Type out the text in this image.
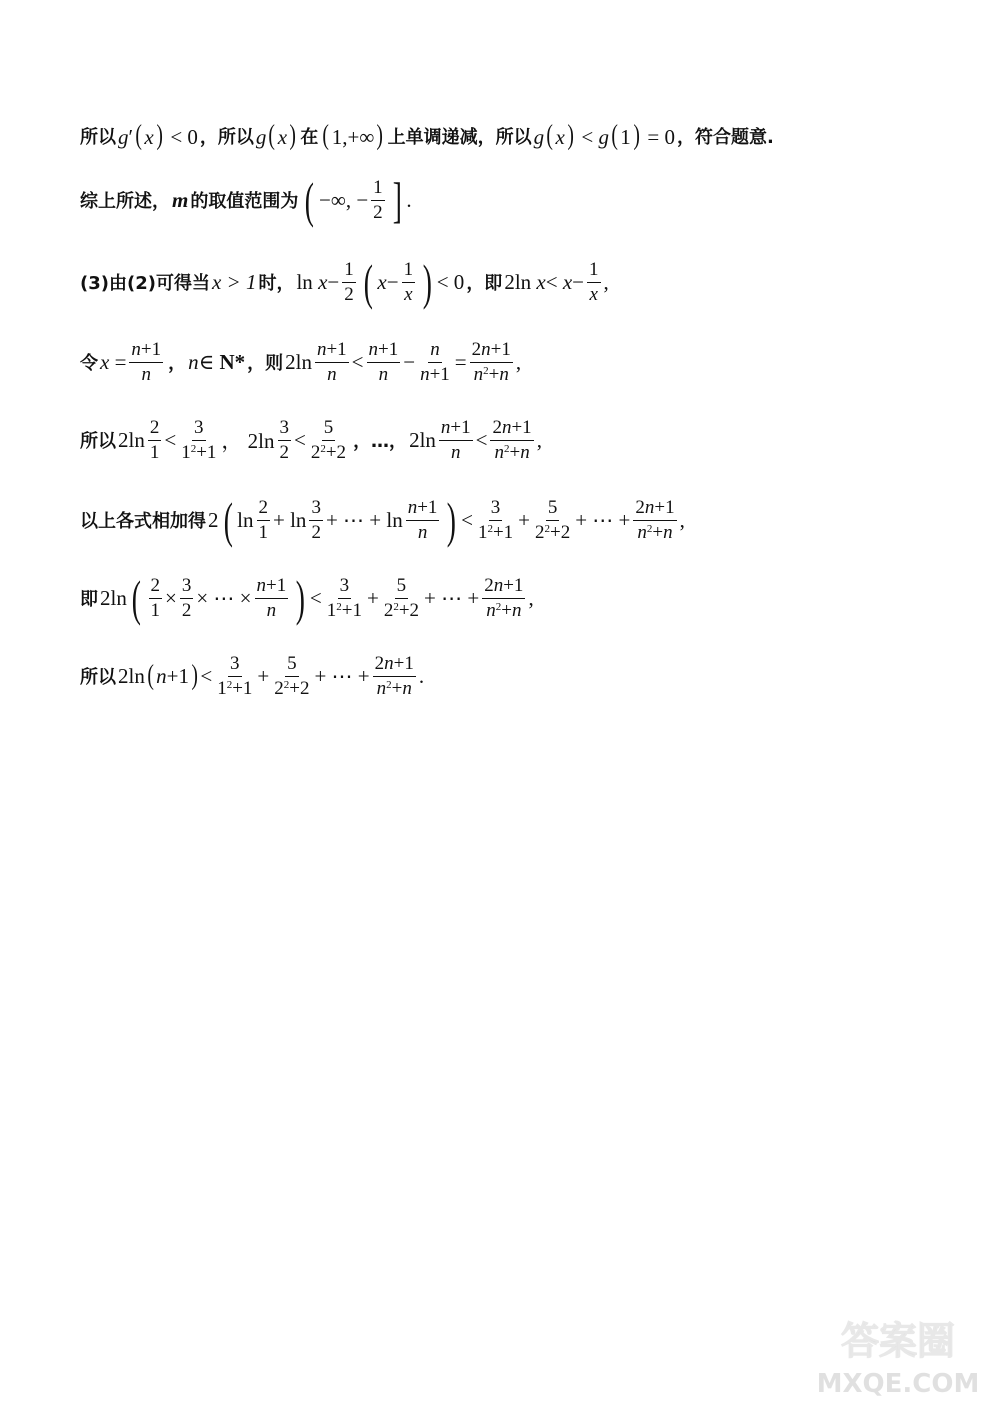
所以 g′( x) < 0 ，所以 g( x) 在 ( 1,+∞) 上单调递减，所以 g( x) < g( 1) = 0 ，符合题意.
综上所述， m 的取值范围为 ( −∞, − $\frac{1}{2}$ ] .
(3)由(2)可得当 x > 1 时， $\ln x - \frac{1}{2}$ ( $x - \frac{1}{x}$ ) < 0 ，即 2ln $x < x - \frac{1}{x}$ ,
令 $x = \frac{n+1}{n}$ ， n∈ N* ，则 $2\ln \frac{n+1}{n} < \frac{n+1}{n} - \frac{n}{n+1} = \frac{2n+1}{n^2+n}$ ,
所以 $2\ln \frac{2}{1} < \frac{3}{1^2+1}$ ， $2\ln \frac{3}{2} < \frac{5}{2^2+2}$ ，…， $2\ln \frac{n+1}{n} < \frac{2n+1}{n^2+n}$ ,
以上各式相加得 2 ( $\ln \frac{2}{1} + \ln \frac{3}{2}$ + ⋯ + $\ln \frac{n+1}{n}$ ) < $\frac{3}{1^2+1} + \frac{5}{2^2+2}$ + ⋯ + $\frac{2n+1}{n^2+n}$ ,
即 2ln ( $\frac{2}{1} \times \frac{3}{2}$ × ⋯ × $\frac{n+1}{n}$ ) < $\frac{3}{1^2+1} + \frac{5}{2^2+2}$ + ⋯ + $\frac{2n+1}{n^2+n}$ ,
所以 2ln ( n +1 ) < $\frac{3}{1^2+1} + \frac{5}{2^2+2}$ + ⋯ + $\frac{2n+1}{n^2+n}$ .
答案圈
MXQE.COM
